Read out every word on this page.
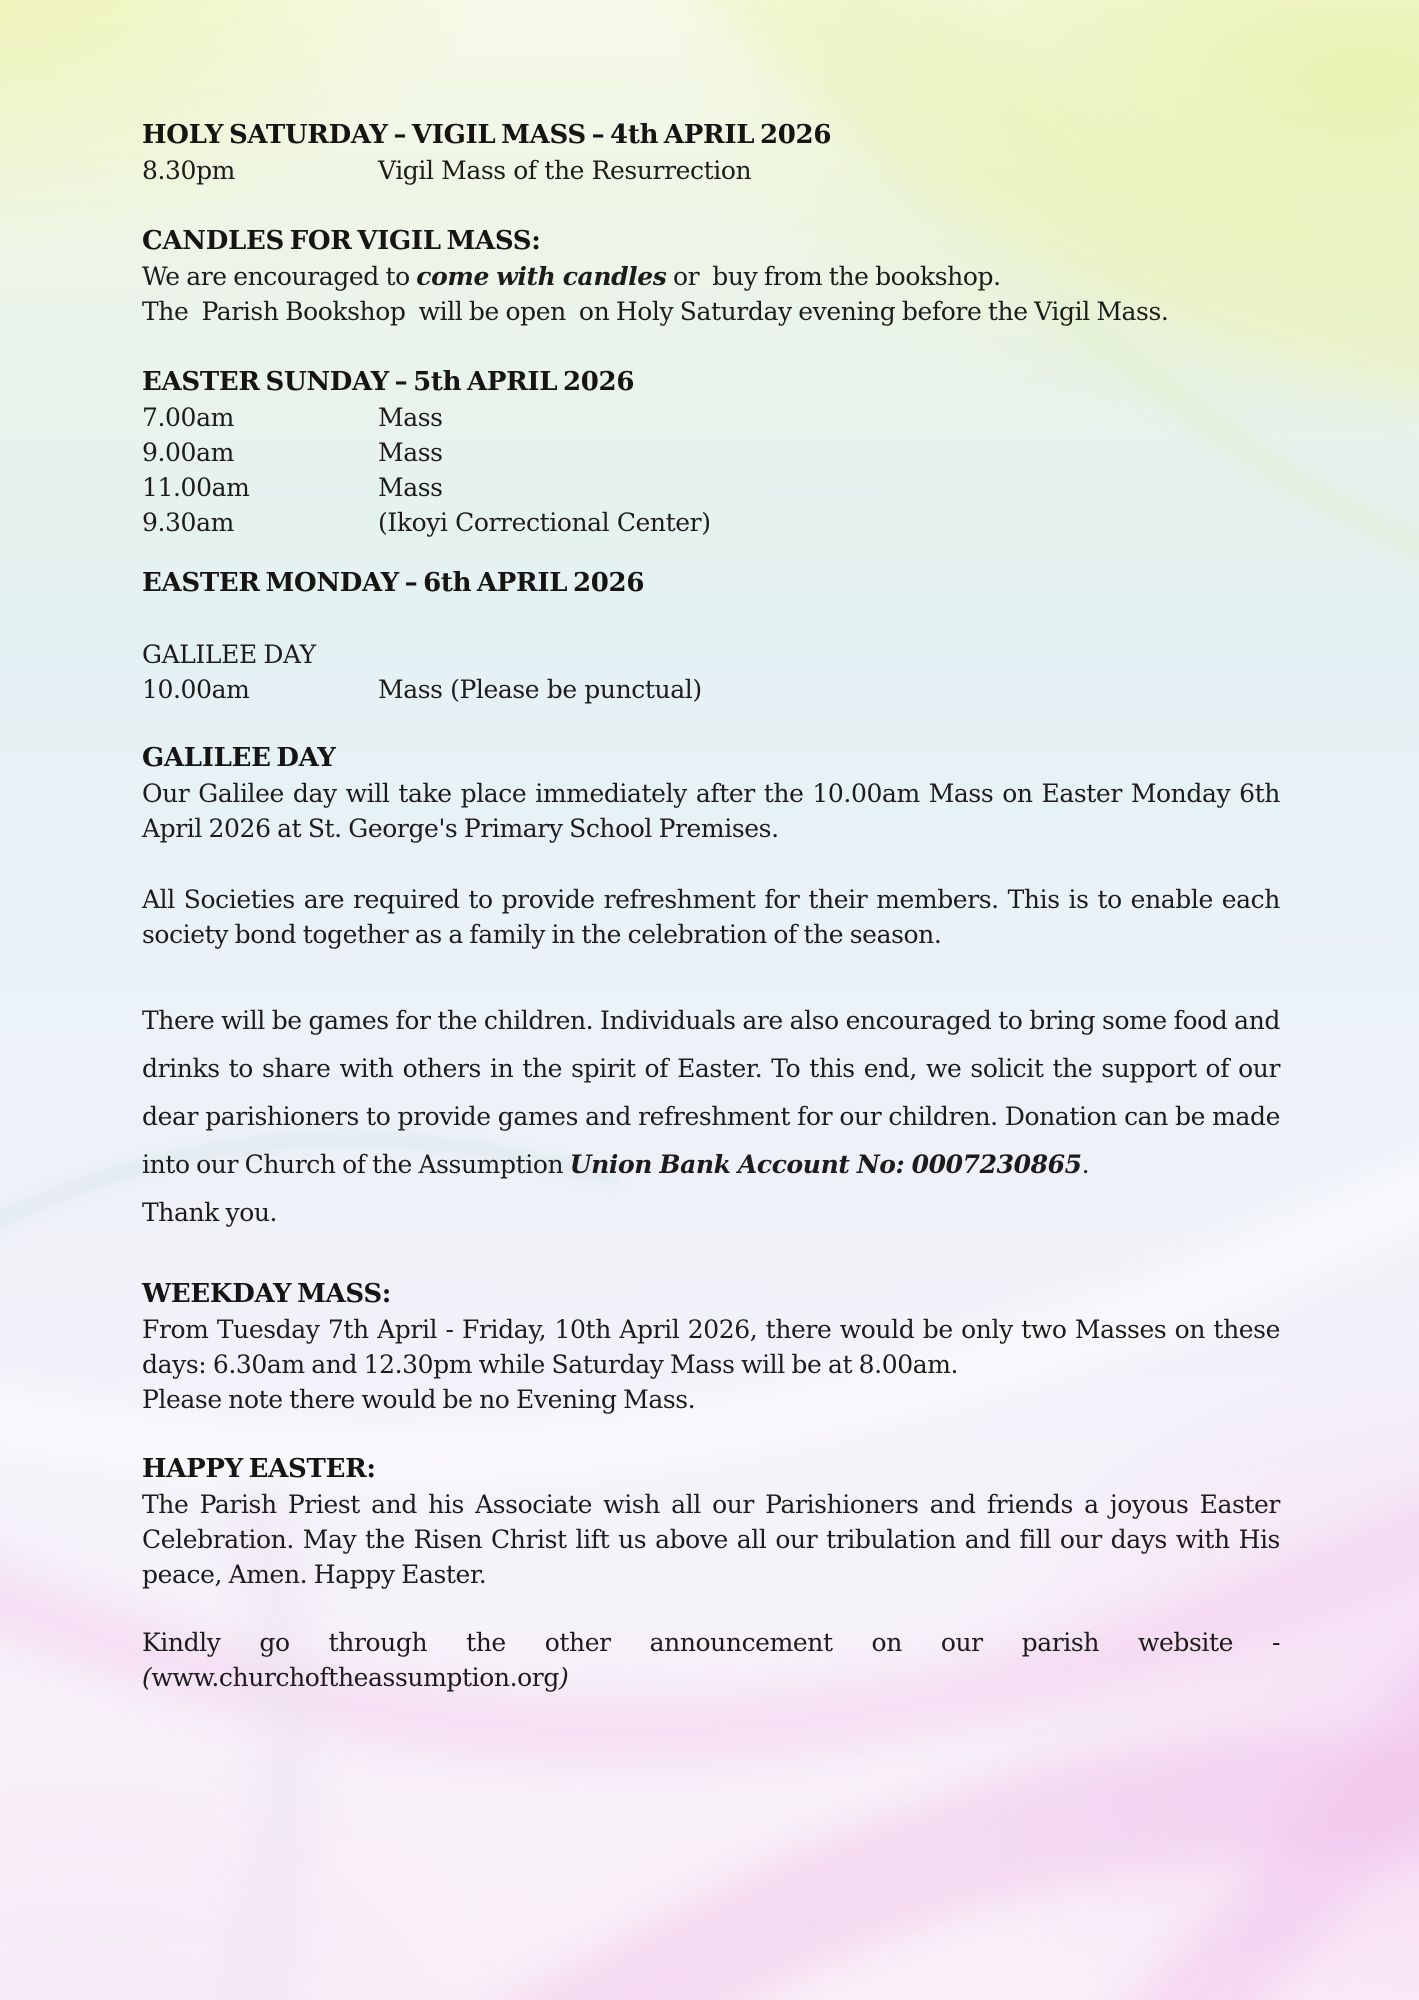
HOLY SATURDAY – VIGIL MASS – 4th APRIL 2026
8.30pm	Vigil Mass of the Resurrection
CANDLES FOR VIGIL MASS:

We are encouraged to come with candles or  buy from the bookshop.

The  Parish Bookshop  will be open  on Holy Saturday evening before the Vigil Mass.

EASTER SUNDAY – 5th APRIL 2026
7.00am	Mass
9.00am	Mass
11.00am	Mass
9.30am	(Ikoyi Correctional Center)
EASTER MONDAY – 6th APRIL 2026

GALILEE DAY

10.00am	Mass (Please be punctual)
GALILEE DAY

Our Galilee day will take place immediately after the 10.00am Mass on Easter Monday 6th April 2026 at St. George's Primary School Premises.

All Societies are required to provide refreshment for their members. This is to enable each society bond together as a family in the celebration of the season.

There will be games for the children. Individuals are also encouraged to bring some food and drinks to share with others in the spirit of Easter. To this end, we solicit the support of our dear parishioners to provide games and refreshment for our children. Donation can be made into our Church of the Assumption Union Bank Account No: 0007230865.

Thank you.

WEEKDAY MASS:

From Tuesday 7th April - Friday, 10th April 2026, there would be only two Masses on these days: 6.30am and 12.30pm while Saturday Mass will be at 8.00am.

Please note there would be no Evening Mass.

HAPPY EASTER:

The Parish Priest and his Associate wish all our Parishioners and friends a joyous Easter Celebration. May the Risen Christ lift us above all our tribulation and fill our days with His peace, Amen. Happy Easter.

Kindly go through the other announcement on our parish website - (www.churchoftheassumption.org)
